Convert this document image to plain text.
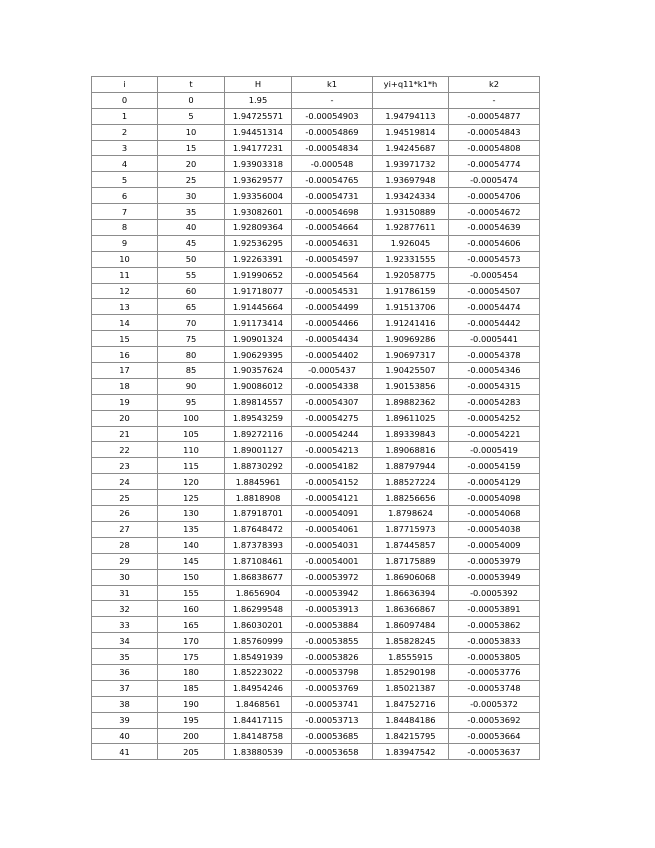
i	t	H	k1	yi+q11*k1*h	k2
0	0	1.95	-		-
1	5	1.94725571	-0.00054903	1.94794113	-0.00054877
2	10	1.94451314	-0.00054869	1.94519814	-0.00054843
3	15	1.94177231	-0.00054834	1.94245687	-0.00054808
4	20	1.93903318	-0.000548	1.93971732	-0.00054774
5	25	1.93629577	-0.00054765	1.93697948	-0.0005474
6	30	1.93356004	-0.00054731	1.93424334	-0.00054706
7	35	1.93082601	-0.00054698	1.93150889	-0.00054672
8	40	1.92809364	-0.00054664	1.92877611	-0.00054639
9	45	1.92536295	-0.00054631	1.926045	-0.00054606
10	50	1.92263391	-0.00054597	1.92331555	-0.00054573
11	55	1.91990652	-0.00054564	1.92058775	-0.0005454
12	60	1.91718077	-0.00054531	1.91786159	-0.00054507
13	65	1.91445664	-0.00054499	1.91513706	-0.00054474
14	70	1.91173414	-0.00054466	1.91241416	-0.00054442
15	75	1.90901324	-0.00054434	1.90969286	-0.0005441
16	80	1.90629395	-0.00054402	1.90697317	-0.00054378
17	85	1.90357624	-0.0005437	1.90425507	-0.00054346
18	90	1.90086012	-0.00054338	1.90153856	-0.00054315
19	95	1.89814557	-0.00054307	1.89882362	-0.00054283
20	100	1.89543259	-0.00054275	1.89611025	-0.00054252
21	105	1.89272116	-0.00054244	1.89339843	-0.00054221
22	110	1.89001127	-0.00054213	1.89068816	-0.0005419
23	115	1.88730292	-0.00054182	1.88797944	-0.00054159
24	120	1.8845961	-0.00054152	1.88527224	-0.00054129
25	125	1.8818908	-0.00054121	1.88256656	-0.00054098
26	130	1.87918701	-0.00054091	1.8798624	-0.00054068
27	135	1.87648472	-0.00054061	1.87715973	-0.00054038
28	140	1.87378393	-0.00054031	1.87445857	-0.00054009
29	145	1.87108461	-0.00054001	1.87175889	-0.00053979
30	150	1.86838677	-0.00053972	1.86906068	-0.00053949
31	155	1.8656904	-0.00053942	1.86636394	-0.0005392
32	160	1.86299548	-0.00053913	1.86366867	-0.00053891
33	165	1.86030201	-0.00053884	1.86097484	-0.00053862
34	170	1.85760999	-0.00053855	1.85828245	-0.00053833
35	175	1.85491939	-0.00053826	1.8555915	-0.00053805
36	180	1.85223022	-0.00053798	1.85290198	-0.00053776
37	185	1.84954246	-0.00053769	1.85021387	-0.00053748
38	190	1.8468561	-0.00053741	1.84752716	-0.0005372
39	195	1.84417115	-0.00053713	1.84484186	-0.00053692
40	200	1.84148758	-0.00053685	1.84215795	-0.00053664
41	205	1.83880539	-0.00053658	1.83947542	-0.00053637
